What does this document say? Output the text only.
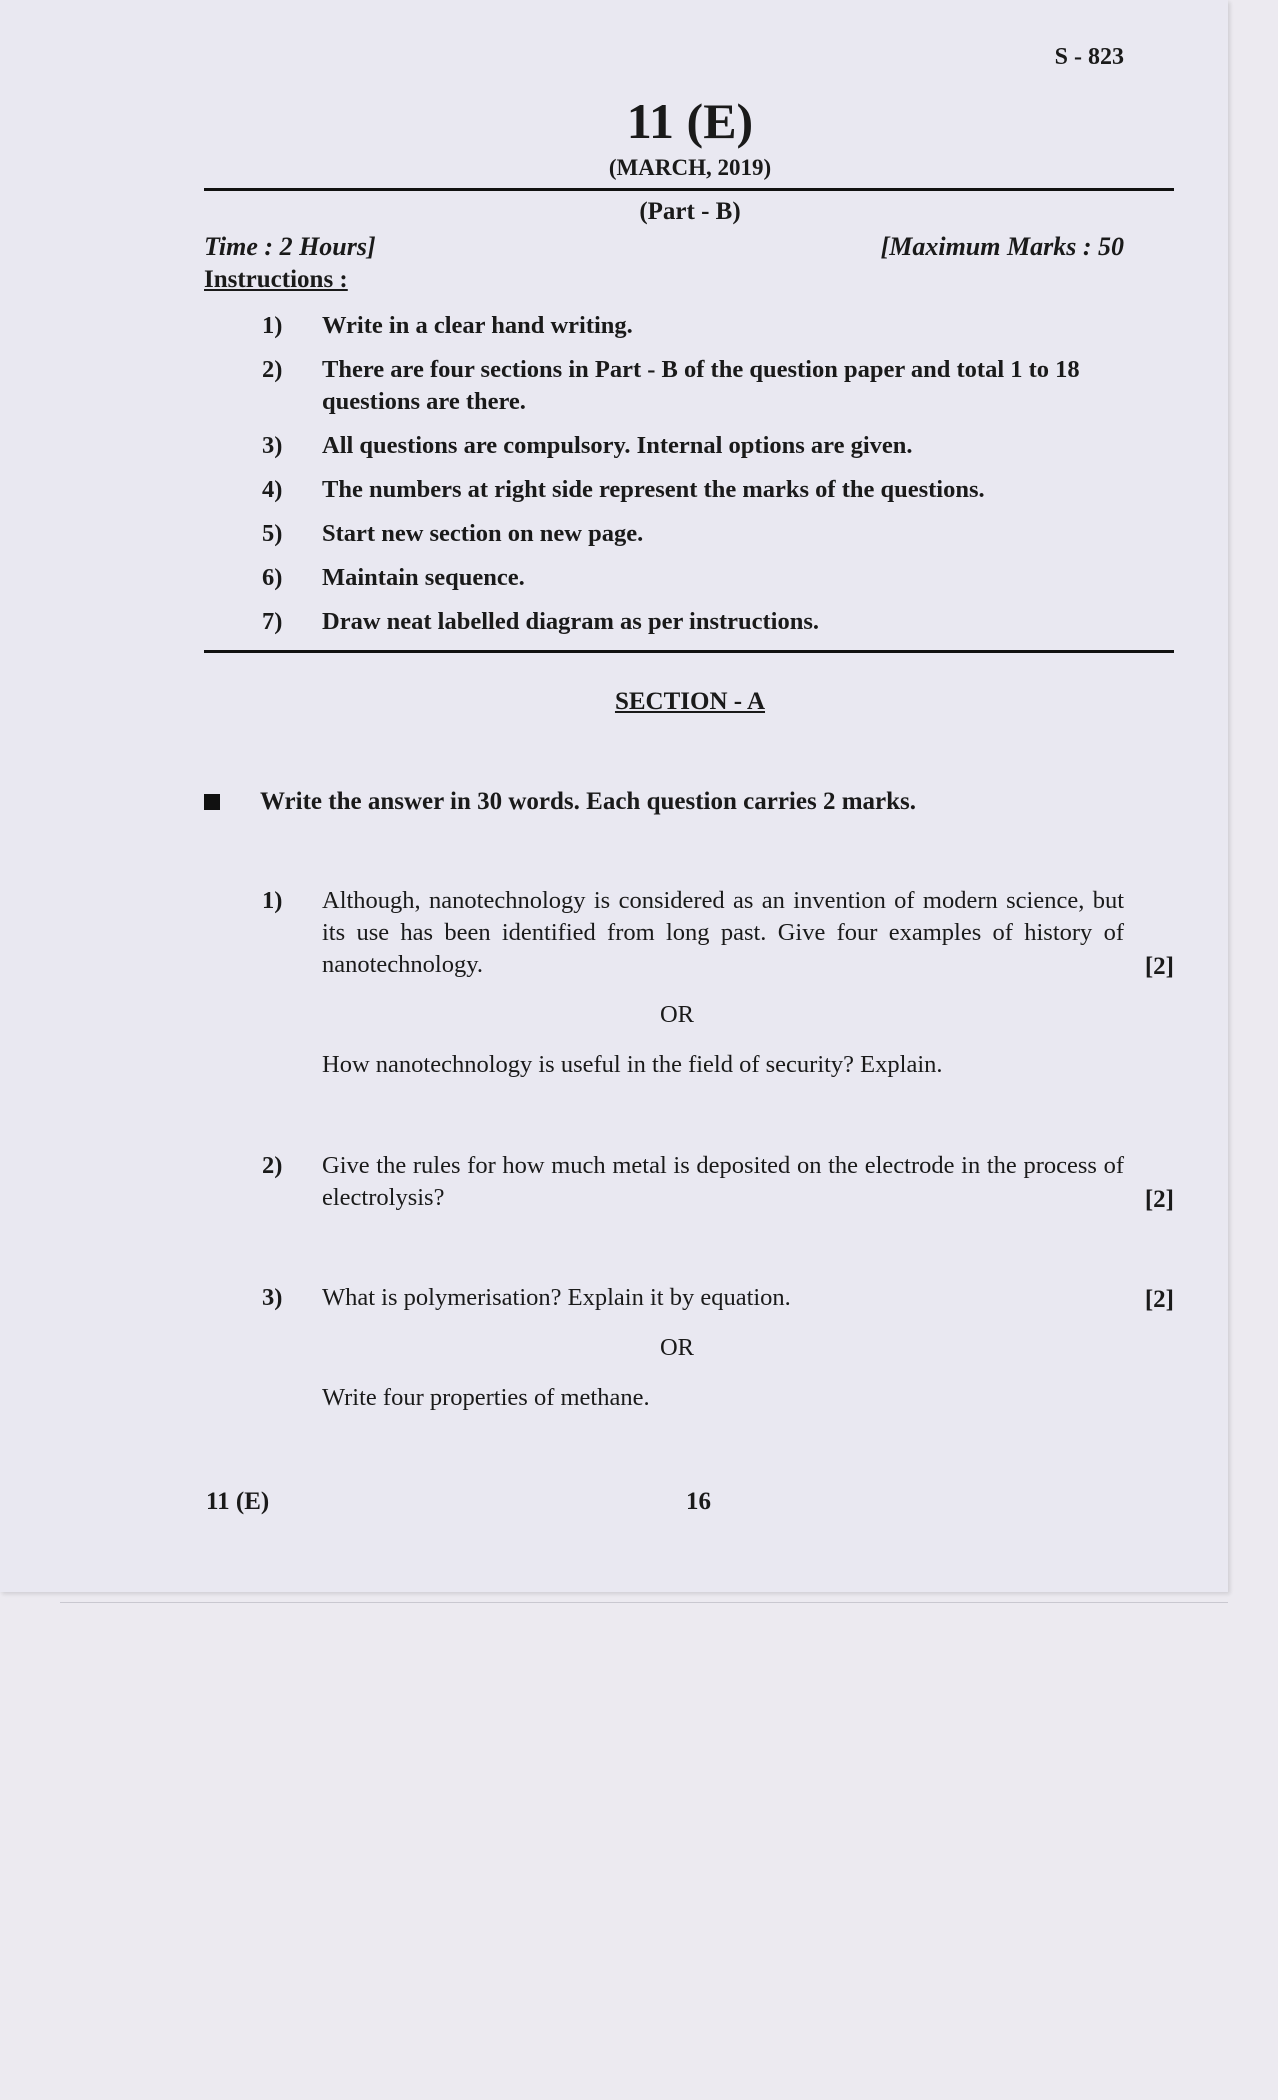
S - 823
11 (E)
(MARCH, 2019)
(Part - B)
Time : 2 Hours]	[Maximum Marks : 50
Instructions :
1)	Write in a clear hand writing.
2)	There are four sections in Part - B of the question paper and total 1 to 18 questions are there.
3)	All questions are compulsory. Internal options are given.
4)	The numbers at right side represent the marks of the questions.
5)	Start new section on new page.
6)	Maintain sequence.
7)	Draw neat labelled diagram as per instructions.
SECTION - A
Write the answer in 30 words. Each question carries 2 marks.
1)	Although, nanotechnology is considered as an invention of modern science, but its use has been identified from long past. Give four examples of history of nanotechnology.	[2]
OR
How nanotechnology is useful in the field of security? Explain.
2)	Give the rules for how much metal is deposited on the electrode in the process of electrolysis?	[2]
3)	What is polymerisation? Explain it by equation.	[2]
OR
Write four properties of methane.
11 (E)	16
